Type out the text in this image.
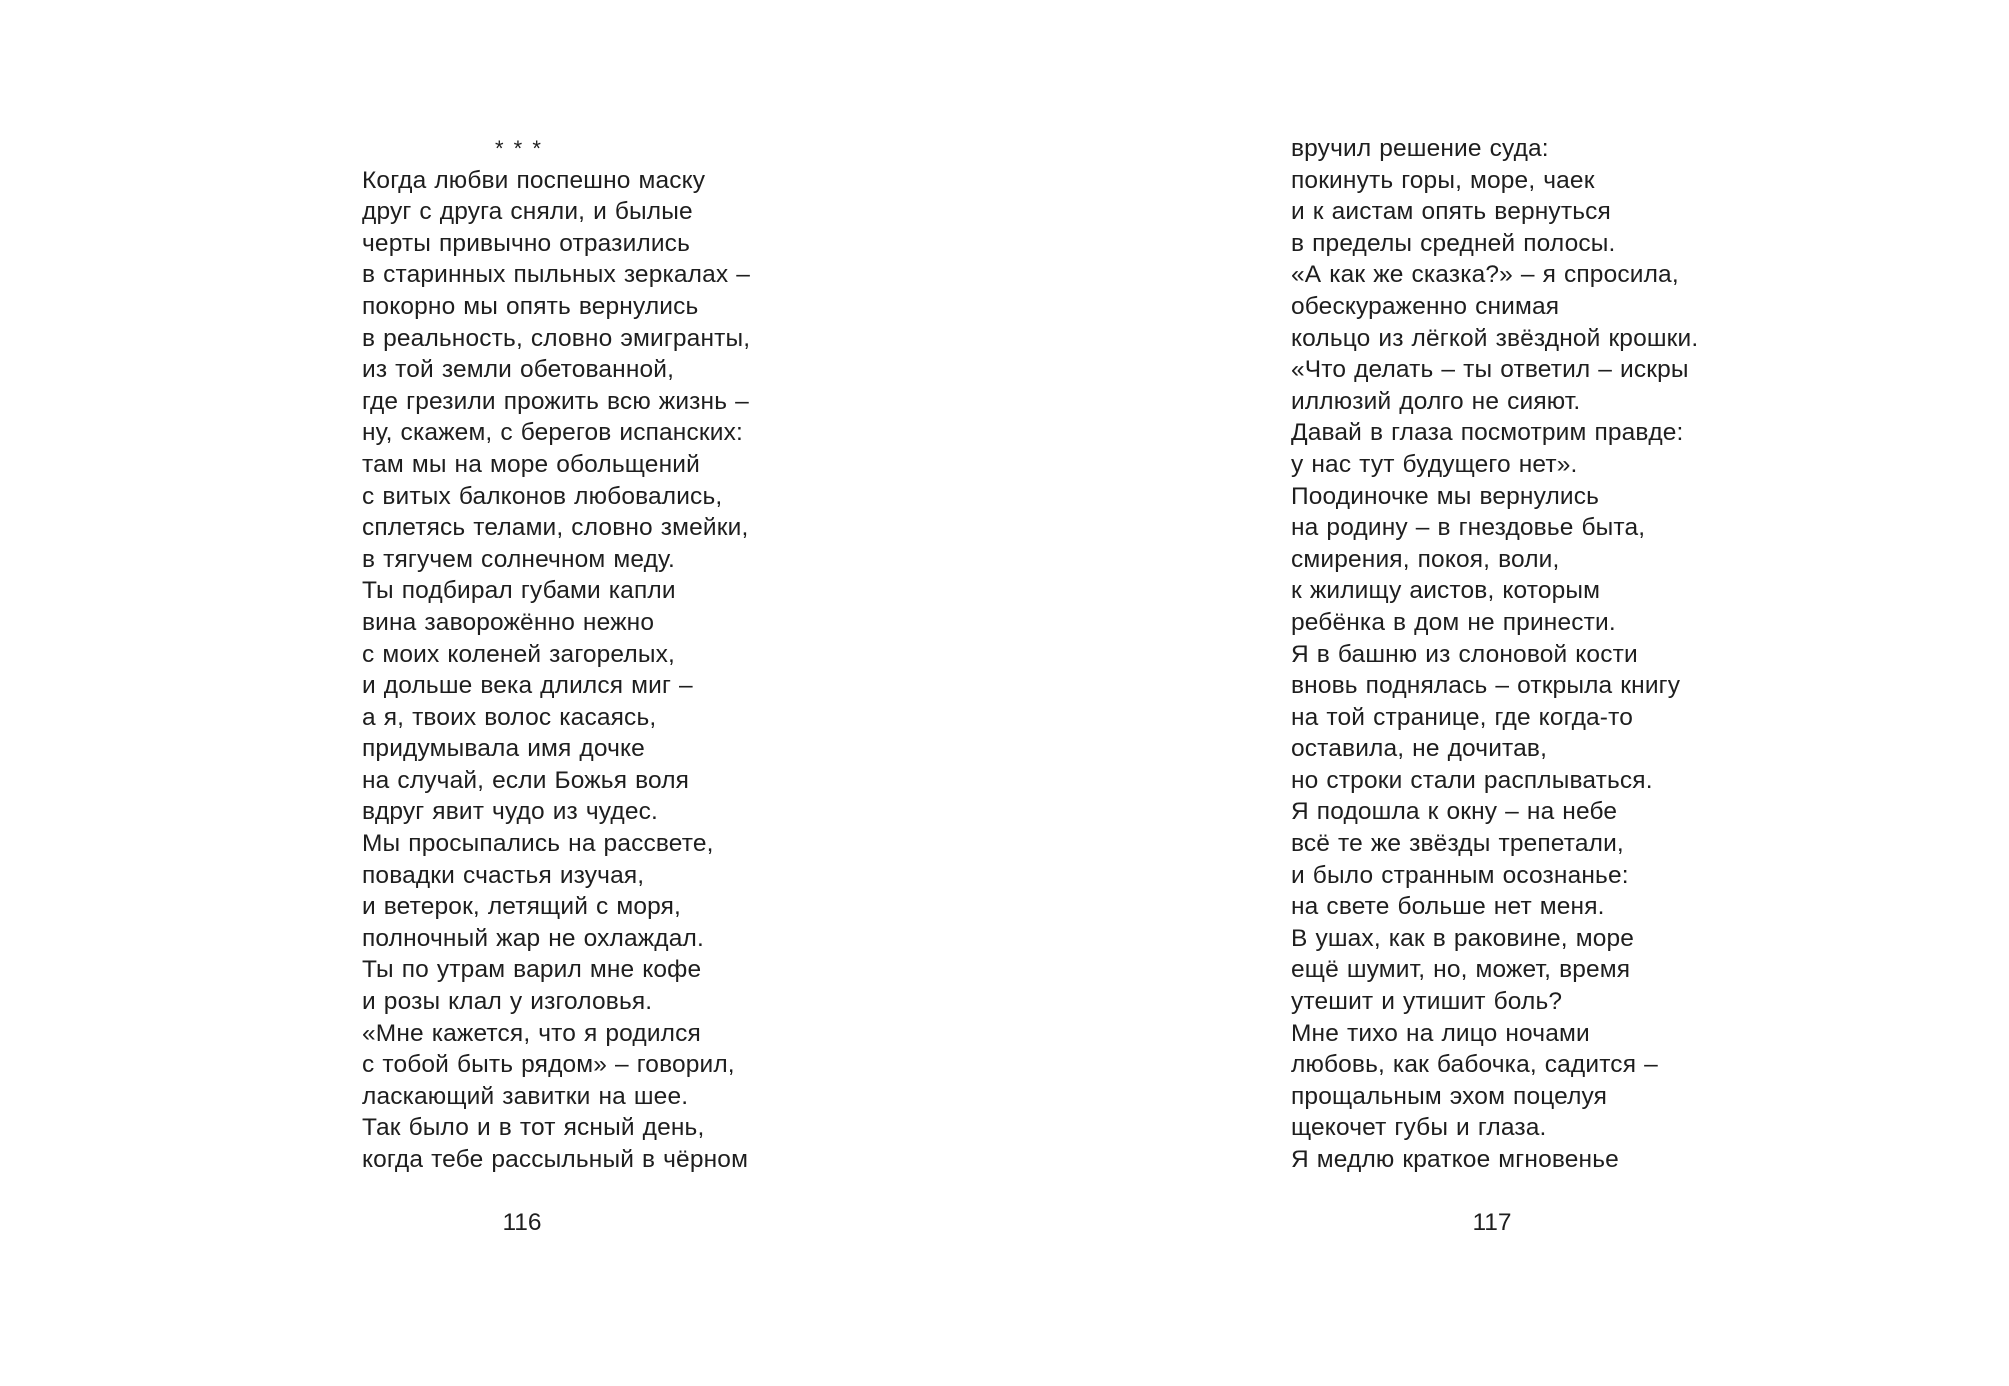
* * *
Когда любви поспешно маску
друг с друга сняли, и былые
черты привычно отразились
в старинных пыльных зеркалах –
покорно мы опять вернулись
в реальность, словно эмигранты,
из той земли обетованной,
где грезили прожить всю жизнь –
ну, скажем, с берегов испанских:
там мы на море обольщений
с витых балконов любовались,
сплетясь телами, словно змейки,
в тягучем солнечном меду.
Ты подбирал губами капли
вина заворожённо нежно
с моих коленей загорелых,
и дольше века длился миг –
а я, твоих волос касаясь,
придумывала имя дочке
на случай, если Божья воля
вдруг явит чудо из чудес.
Мы просыпались на рассвете,
повадки счастья изучая,
и ветерок, летящий с моря,
полночный жар не охлаждал.
Ты по утрам варил мне кофе
и розы клал у изголовья.
«Мне кажется, что я родился
с тобой быть рядом» – говорил,
ласкающий завитки на шее.
Так было и в тот ясный день,
когда тебе рассыльный в чёрном
116
вручил решение суда:
покинуть горы, море, чаек
и к аистам опять вернуться
в пределы средней полосы.
«А как же сказка?» – я спросила,
обескураженно снимая
кольцо из лёгкой звёздной крошки.
«Что делать – ты ответил – искры
иллюзий долго не сияют.
Давай в глаза посмотрим правде:
у нас тут будущего нет».
Поодиночке мы вернулись
на родину – в гнездовье быта,
смирения, покоя, воли,
к жилищу аистов, которым
ребёнка в дом не принести.
Я в башню из слоновой кости
вновь поднялась – открыла книгу
на той странице, где когда-то
оставила, не дочитав,
но строки стали расплываться.
Я подошла к окну – на небе
всё те же звёзды трепетали,
и было странным осознанье:
на свете больше нет меня.
В ушах, как в раковине, море
ещё шумит, но, может, время
утешит и утишит боль?
Мне тихо на лицо ночами
любовь, как бабочка, садится –
прощальным эхом поцелуя
щекочет губы и глаза.
Я медлю краткое мгновенье
117
